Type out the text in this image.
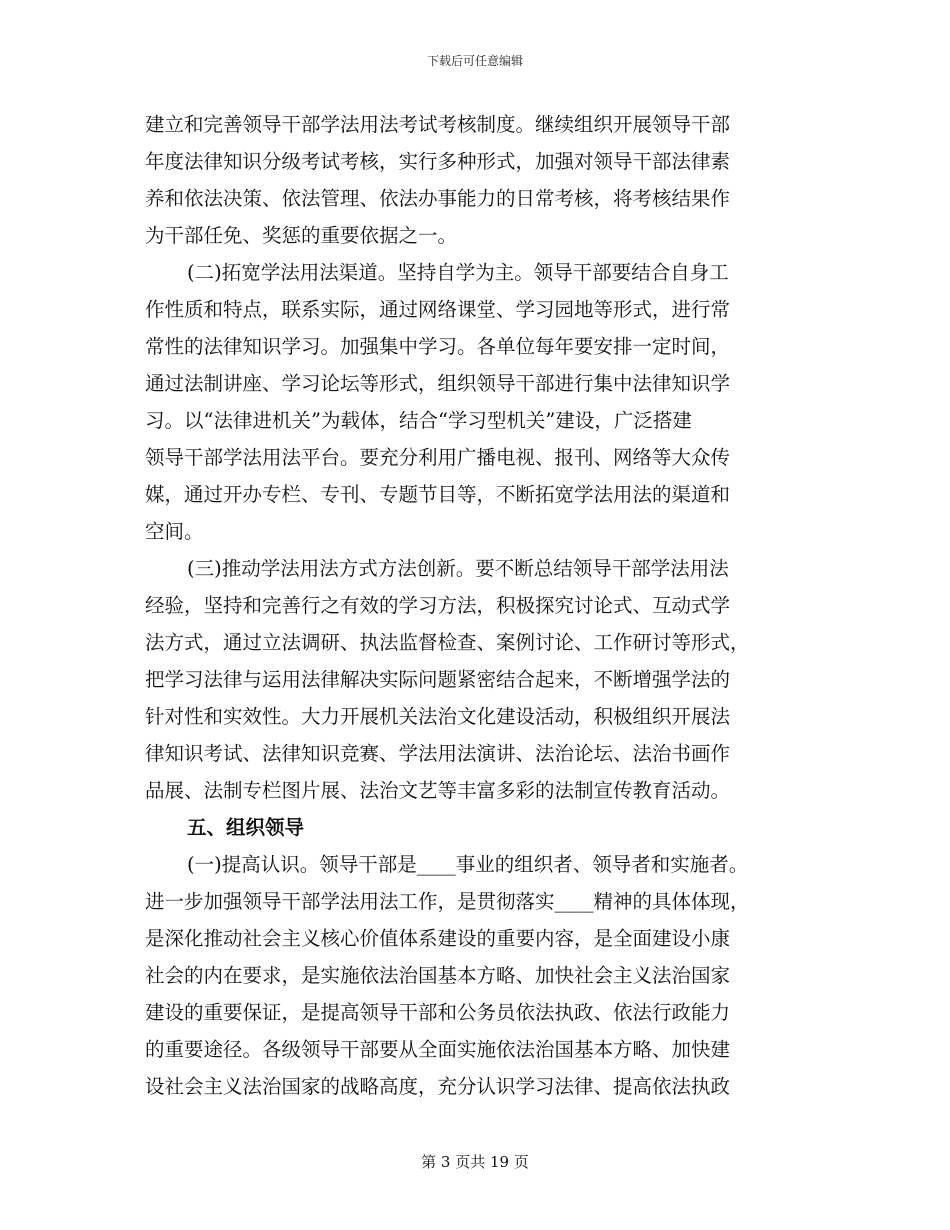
下载后可任意编辑
建立和完善领导干部学法用法考试考核制度。继续组织开展领导干部
年度法律知识分级考试考核，实行多种形式，加强对领导干部法律素
养和依法决策、依法管理、依法办事能力的日常考核，将考核结果作
为干部任免、奖惩的重要依据之一。
(二)拓宽学法用法渠道。坚持自学为主。领导干部要结合自身工
作性质和特点，联系实际，通过网络课堂、学习园地等形式，进行常
常性的法律知识学习。加强集中学习。各单位每年要安排一定时间，
通过法制讲座、学习论坛等形式，组织领导干部进行集中法律知识学
习。以“法律进机关”为载体，结合“学习型机关”建设，广泛搭建
领导干部学法用法平台。要充分利用广播电视、报刊、网络等大众传
媒，通过开办专栏、专刊、专题节目等，不断拓宽学法用法的渠道和
空间。
(三)推动学法用法方式方法创新。要不断总结领导干部学法用法
经验，坚持和完善行之有效的学习方法，积极探究讨论式、互动式学
法方式，通过立法调研、执法监督检查、案例讨论、工作研讨等形式，
把学习法律与运用法律解决实际问题紧密结合起来，不断增强学法的
针对性和实效性。大力开展机关法治文化建设活动，积极组织开展法
律知识考试、法律知识竞赛、学法用法演讲、法治论坛、法治书画作
品展、法制专栏图片展、法治文艺等丰富多彩的法制宣传教育活动。
五、组织领导
(一)提高认识。领导干部是____事业的组织者、领导者和实施者。
进一步加强领导干部学法用法工作，是贯彻落实____精神的具体体现，
是深化推动社会主义核心价值体系建设的重要内容，是全面建设小康
社会的内在要求，是实施依法治国基本方略、加快社会主义法治国家
建设的重要保证，是提高领导干部和公务员依法执政、依法行政能力
的重要途径。各级领导干部要从全面实施依法治国基本方略、加快建
设社会主义法治国家的战略高度，充分认识学习法律、提高依法执政
第 3 页共 19 页
